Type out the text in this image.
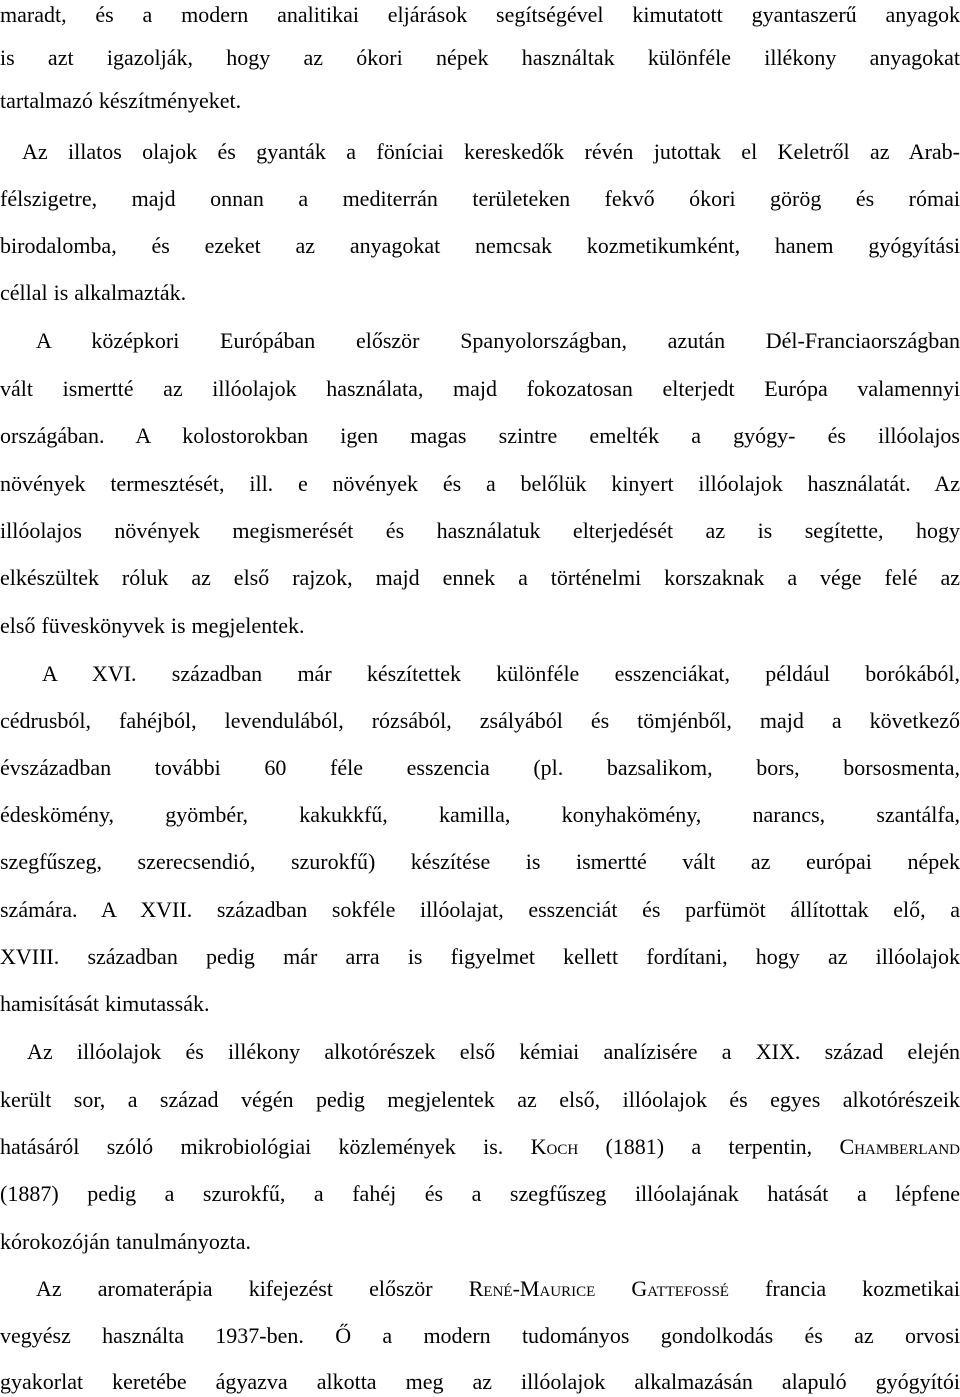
maradt, és a modern analitikai eljárások segítségével kimutatott gyantaszerű anyagok
is azt igazolják, hogy az ókori népek használtak különféle illékony anyagokat
tartalmazó készítményeket.
Az illatos olajok és gyanták a föníciai kereskedők révén jutottak el Keletről az Arab-
félszigetre, majd onnan a mediterrán területeken fekvő ókori görög és római
birodalomba, és ezeket az anyagokat nemcsak kozmetikumként, hanem gyógyítási
céllal is alkalmazták.
A középkori Európában először Spanyolországban, azután Dél-Franciaországban
vált ismertté az illóolajok használata, majd fokozatosan elterjedt Európa valamennyi
országában. A kolostorokban igen magas szintre emelték a gyógy- és illóolajos
növények termesztését, ill. e növények és a belőlük kinyert illóolajok használatát. Az
illóolajos növények megismerését és használatuk elterjedését az is segítette, hogy
elkészültek róluk az első rajzok, majd ennek a történelmi korszaknak a vége felé az
első füveskönyvek is megjelentek.
A XVI. században már készítettek különféle esszenciákat, például borókából,
cédrusból, fahéjból, levendulából, rózsából, zsályából és tömjénből, majd a következő
évszázadban további 60 féle esszencia (pl. bazsalikom, bors, borsosmenta,
édeskömény, gyömbér, kakukkfű, kamilla, konyhakömény, narancs, szantálfa,
szegfűszeg, szerecsendió, szurokfű) készítése is ismertté vált az európai népek
számára. A XVII. században sokféle illóolajat, esszenciát és parfümöt állítottak elő, a
XVIII. században pedig már arra is figyelmet kellett fordítani, hogy az illóolajok
hamisítását kimutassák.
Az illóolajok és illékony alkotórészek első kémiai analízisére a XIX. század elején
került sor, a század végén pedig megjelentek az első, illóolajok és egyes alkotórészeik
hatásáról szóló mikrobiológiai közlemények is. Koch (1881) a terpentin, Chamberland
(1887) pedig a szurokfű, a fahéj és a szegfűszeg illóolajának hatását a lépfene
kórokozóján tanulmányozta.
Az aromaterápia kifejezést először René-Maurice Gattefossé francia kozmetikai
vegyész használta 1937-ben. Ő a modern tudományos gondolkodás és az orvosi
gyakorlat keretébe ágyazva alkotta meg az illóolajok alkalmazásán alapuló gyógyítói
